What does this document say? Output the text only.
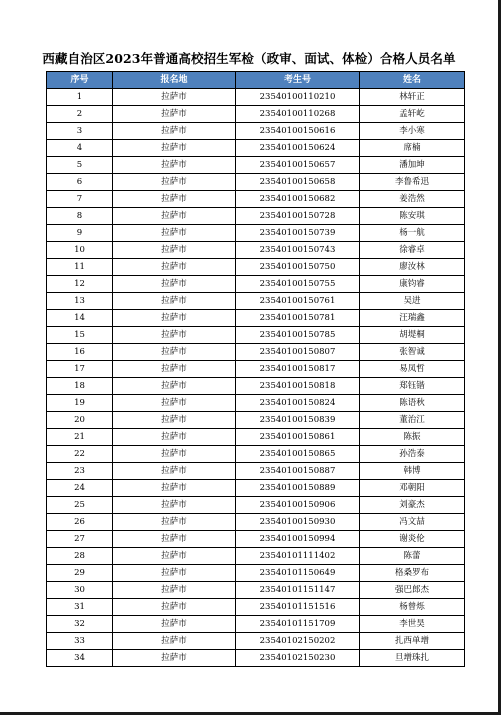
西藏自治区2023年普通高校招生军检（政审、面试、体检）合格人员名单
序号	报名地	考生号	姓名
1	拉萨市	23540100110210	林轩正
2	拉萨市	23540100110268	孟轩屹
3	拉萨市	23540100150616	李小寒
4	拉萨市	23540100150624	席楠
5	拉萨市	23540100150657	潘加坤
6	拉萨市	23540100150658	李鲁希迅
7	拉萨市	23540100150682	姜浩然
8	拉萨市	23540100150728	陈安琪
9	拉萨市	23540100150739	杨一航
10	拉萨市	23540100150743	徐睿卓
11	拉萨市	23540100150750	廖汝林
12	拉萨市	23540100150755	康钧睿
13	拉萨市	23540100150761	吴进
14	拉萨市	23540100150781	汪瑞鑫
15	拉萨市	23540100150785	胡堤桐
16	拉萨市	23540100150807	张智诚
17	拉萨市	23540100150817	易凤哲
18	拉萨市	23540100150818	郑钰锴
19	拉萨市	23540100150824	陈语秋
20	拉萨市	23540100150839	董治江
21	拉萨市	23540100150861	陈振
22	拉萨市	23540100150865	孙浩泰
23	拉萨市	23540100150887	韩博
24	拉萨市	23540100150889	邓朝阳
25	拉萨市	23540100150906	刘豪杰
26	拉萨市	23540100150930	冯文喆
27	拉萨市	23540100150994	谢炎伦
28	拉萨市	23540101111402	陈蕾
29	拉萨市	23540101150649	格桑罗布
30	拉萨市	23540101151147	强巴郎杰
31	拉萨市	23540101151516	杨曾烁
32	拉萨市	23540101151709	李世昊
33	拉萨市	23540102150202	扎西单增
34	拉萨市	23540102150230	旦增珠扎
